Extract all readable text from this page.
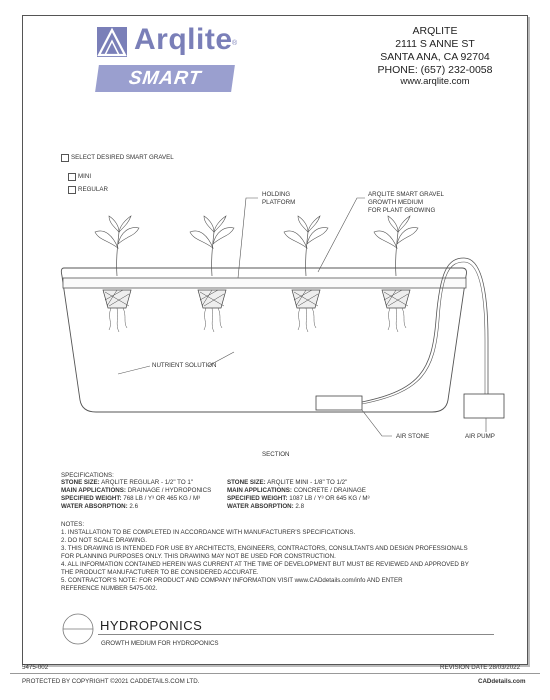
Arqlite ®
SMART GRAVEL
ARQLITE
2111 S ANNE ST
SANTA ANA, CA 92704
PHONE: (657) 232-0058
www.arqlite.com
SELECT DESIRED SMART GRAVEL
MINI
REGULAR
HOLDING
PLATFORM
ARQLITE SMART GRAVEL
GROWTH MEDIUM
FOR PLANT GROWING
NUTRIENT SOLUTION
AIR STONE	AIR PUMP
SECTION
SPECIFICATIONS:
STONE SIZE: ARQLITE REGULAR - 1/2" TO 1"
MAIN APPLICATIONS: DRAINAGE / HYDROPONICS
SPECIFIED WEIGHT: 768 LB / Y³ OR 465 KG / M³
WATER ABSORPTION: 2.6
STONE SIZE: ARQLITE MINI - 1/8" TO 1/2"
MAIN APPLICATIONS: CONCRETE / DRAINAGE
SPECIFIED WEIGHT: 1087 LB / Y³ OR 645 KG / M³
WATER ABSORPTION: 2.8
NOTES:
1. INSTALLATION TO BE COMPLETED IN ACCORDANCE WITH MANUFACTURER'S SPECIFICATIONS.
2. DO NOT SCALE DRAWING.
3. THIS DRAWING IS INTENDED FOR USE BY ARCHITECTS, ENGINEERS, CONTRACTORS, CONSULTANTS AND DESIGN PROFESSIONALS
FOR PLANNING PURPOSES ONLY. THIS DRAWING MAY NOT BE USED FOR CONSTRUCTION.
4. ALL INFORMATION CONTAINED HEREIN WAS CURRENT AT THE TIME OF DEVELOPMENT BUT MUST BE REVIEWED AND APPROVED BY
THE PRODUCT MANUFACTURER TO BE CONSIDERED ACCURATE.
5. CONTRACTOR'S NOTE: FOR PRODUCT AND COMPANY INFORMATION VISIT www.CADdetails.com/info AND ENTER
REFERENCE NUMBER 5475-002.
HYDROPONICS
GROWTH MEDIUM FOR HYDROPONICS
5475-002	REVISION DATE 28/03/2022
PROTECTED BY COPYRIGHT ©2021 CADDETAILS.COM LTD.	CADdetails.com
